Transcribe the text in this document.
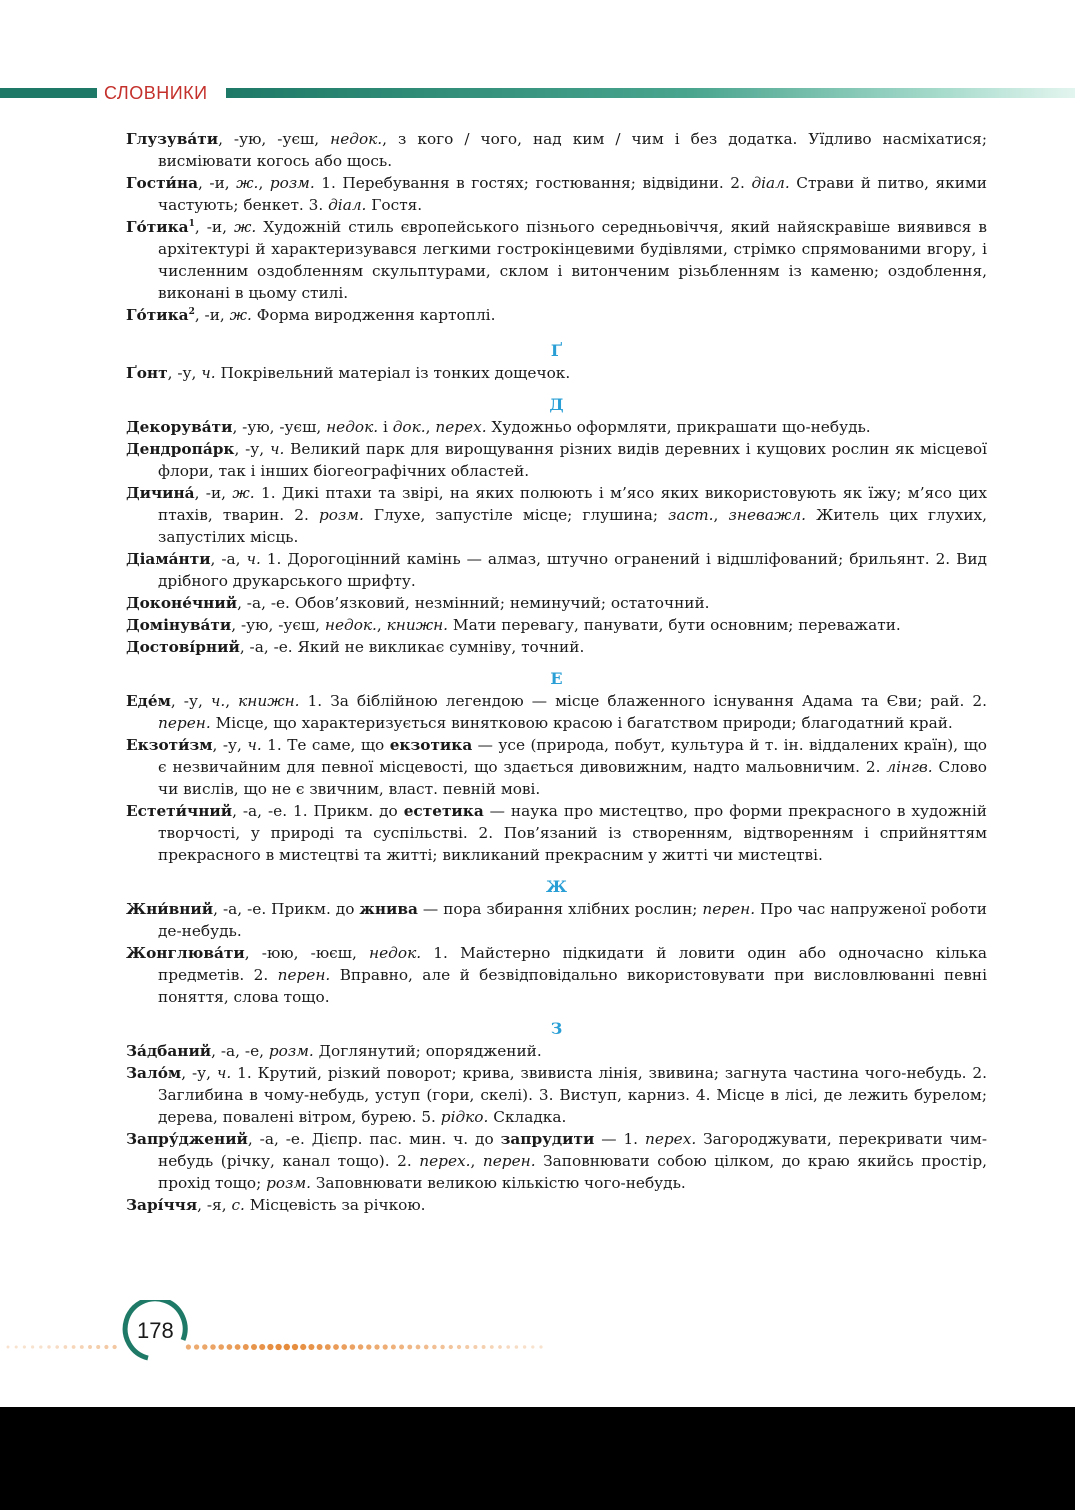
СЛОВНИКИ

Глузува́ти, -ую, -уєш, недок., з кого / чого, над ким / чим і без додатка. Уїдливо насміхатися; висміювати когось або щось.

Гости́на, -и, ж., розм. 1. Перебування в гостях; гостювання; відвідини. 2. діал. Страви й питво, якими частують; бенкет. 3. діал. Гостя.

Го́тика$^1$, -и, ж. Художній стиль європейського пізнього середньовіччя, який найяскравіше виявився в архітектурі й характеризувався легкими гострокінцевими будівлями, стрімко спрямованими вгору, і численним оздобленням скульптурами, склом і витонченим різьбленням із каменю; оздоблення, виконані в цьому стилі.

Го́тика$^2$, -и, ж. Форма виродження картоплі.

Ґ

Ґонт, -у, ч. Покрівельний матеріал із тонких дощечок.

Д

Декорува́ти, -ую, -уєш, недок. і док., перех. Художньо оформляти, прикрашати що-небудь.

Дендропа́рк, -у, ч. Великий парк для вирощування різних видів деревних і кущових рослин як місцевої флори, так і інших біогеографічних областей.

Дичина́, -и, ж. 1. Дикі птахи та звірі, на яких полюють і м’ясо яких використовують як їжу; м’ясо цих птахів, тварин. 2. розм. Глухе, запустіле місце; глушина; заст., зневажл. Житель цих глухих, запустілих місць.

Діама́нти, -а, ч. 1. Дорогоцінний камінь — алмаз, штучно огранений і відшліфований; брильянт. 2. Вид дрібного друкарського шрифту.

Доконе́чний, -а, -е. Обов’язковий, незмінний; неминучий; остаточний.

Домінува́ти, -ую, -уєш, недок., книжн. Мати перевагу, панувати, бути основним; переважати.

Достові́рний, -а, -е. Який не викликає сумніву, точний.

Е

Еде́м, -у, ч., книжн. 1. За біблійною легендою — місце блаженного існування Адама та Єви; рай. 2. перен. Місце, що характеризується винятковою красою і багатством природи; благодатний край.

Екзоти́зм, -у, ч. 1. Те саме, що екзотика — усе (природа, побут, культура й т. ін. віддалених країн), що є незвичайним для певної місцевості, що здається дивовижним, надто мальовничим. 2. лінгв. Слово чи вислів, що не є звичним, власт. певній мові.

Естети́чний, -а, -е. 1. Прикм. до естетика — наука про мистецтво, про форми прекрасного в художній творчості, у природі та суспільстві. 2. Пов’язаний із створенням, відтворенням і сприйняттям прекрасного в мистецтві та житті; викликаний прекрасним у житті чи мистецтві.

Ж

Жни́вний, -а, -е. Прикм. до жнива — пора збирання хлібних рослин; перен. Про час напруженої роботи де-небудь.

Жонглюва́ти, -юю, -юєш, недок. 1. Майстерно підкидати й ловити один або одночасно кілька предметів. 2. перен. Вправно, але й безвідповідально використовувати при висловлюванні певні поняття, слова тощо.

З

За́дбаний, -а, -е, розм. Доглянутий; опоряджений.

Зало́м, -у, ч. 1. Крутий, різкий поворот; крива, звивиста лінія, звивина; загнута частина чого-небудь. 2. Заглибина в чому-небудь, уступ (гори, скелі). 3. Виступ, карниз. 4. Місце в лісі, де лежить бурелом; дерева, повалені вітром, бурею. 5. рідко. Складка.

Запру́джений, -а, -е. Дієпр. пас. мин. ч. до запрудити — 1. перех. Загороджувати, перекривати чим-небудь (річку, канал тощо). 2. перех., перен. Заповнювати собою цілком, до краю якийсь простір, прохід тощо; розм. Заповнювати великою кількістю чого-небудь.

Зарі́ччя, -я, с. Місцевість за річкою.

178
